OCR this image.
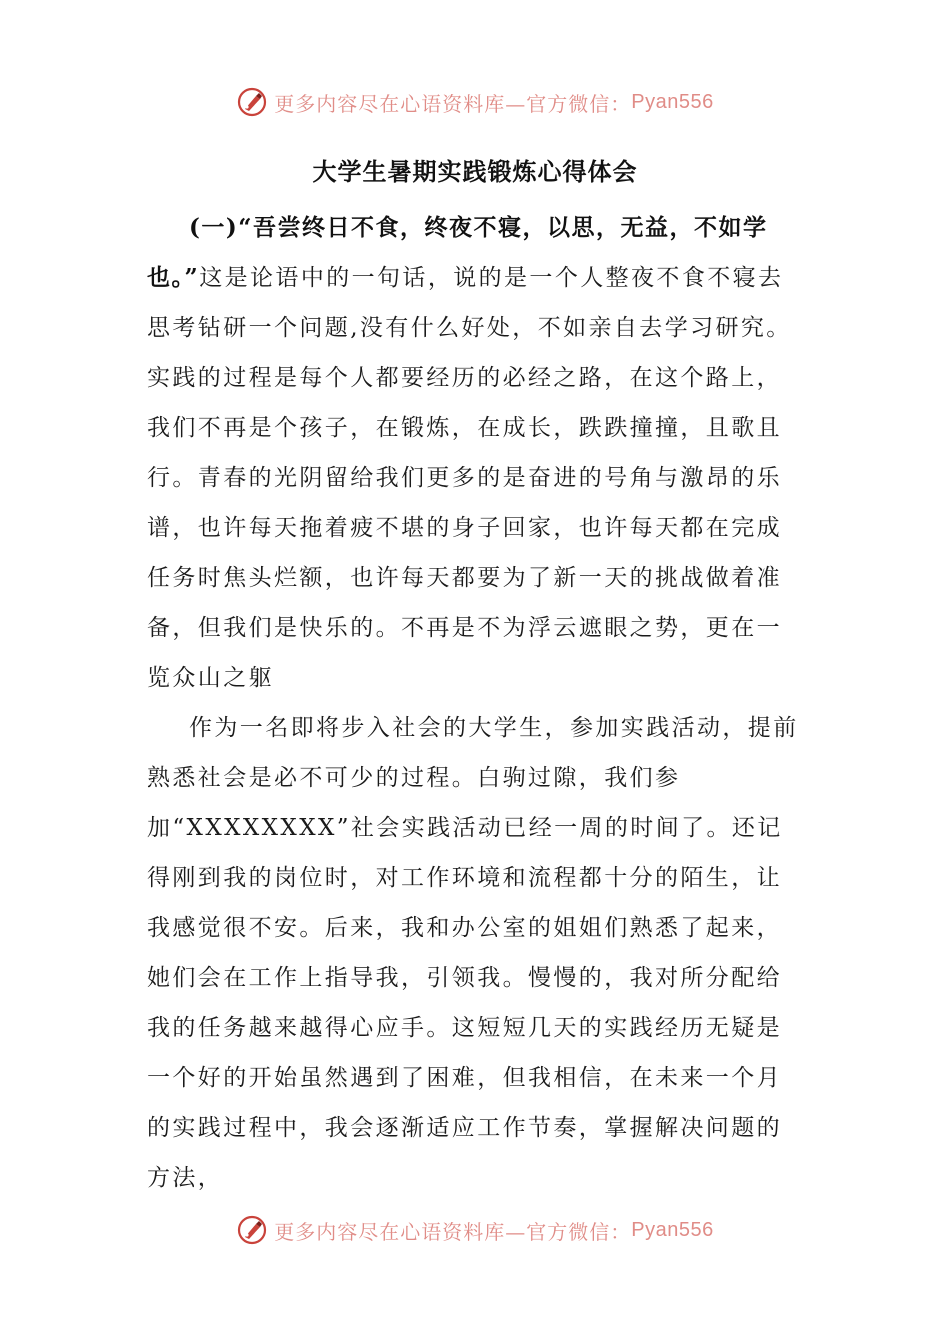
更多内容尽在心语资料库—官方微信： Pyan556
大学生暑期实践锻炼心得体会

(一)“吾尝终日不食，终夜不寝，以思，无益，不如学也。”这是论语中的一句话，说的是一个人整夜不食不寝去思考钻研一个问题,没有什么好处，不如亲自去学习研究。实践的过程是每个人都要经历的必经之路，在这个路上，我们不再是个孩子，在锻炼，在成长，跌跌撞撞，且歌且行。青春的光阴留给我们更多的是奋进的号角与激昂的乐谱，也许每天拖着疲不堪的身子回家，也许每天都在完成任务时焦头烂额，也许每天都要为了新一天的挑战做着准备，但我们是快乐的。不再是不为浮云遮眼之势，更在一览众山之躯

作为一名即将步入社会的大学生，参加实践活动，提前熟悉社会是必不可少的过程。白驹过隙，我们参加“XXXXXXXX”社会实践活动已经一周的时间了。还记得刚到我的岗位时，对工作环境和流程都十分的陌生，让我感觉很不安。后来，我和办公室的姐姐们熟悉了起来，她们会在工作上指导我，引领我。慢慢的，我对所分配给我的任务越来越得心应手。这短短几天的实践经历无疑是一个好的开始虽然遇到了困难，但我相信，在未来一个月的实践过程中，我会逐渐适应工作节奏，掌握解决问题的方法，

更多内容尽在心语资料库—官方微信： Pyan556
